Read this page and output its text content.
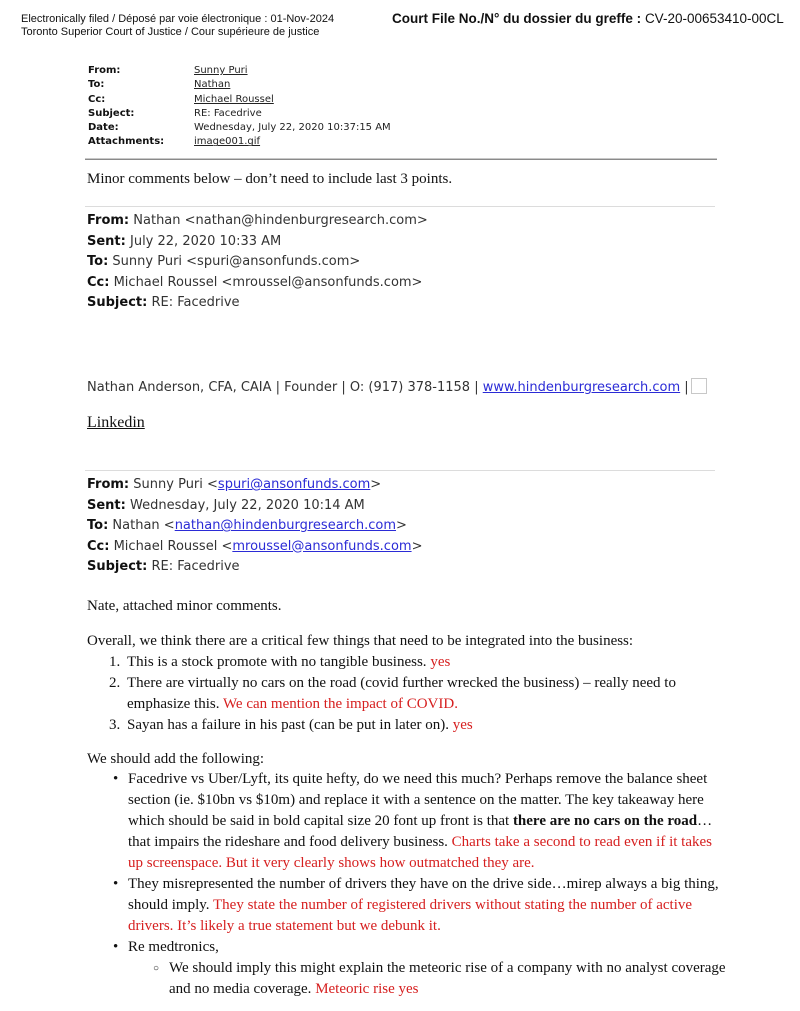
Electronically filed / Déposé par voie électronique : 01-Nov-2024
Toronto Superior Court of Justice / Cour supérieure de justice
Court File No./N° du dossier du greffe : CV-20-00653410-00CL
From:	Sunny Puri
To:	Nathan
Cc:	Michael Roussel
Subject:	RE: Facedrive
Date:	Wednesday, July 22, 2020 10:37:15 AM
Attachments:	image001.gif
Minor comments below – don’t need to include last 3 points.
From: Nathan <nathan@hindenburgresearch.com>
Sent: July 22, 2020 10:33 AM
To: Sunny Puri <spuri@ansonfunds.com>
Cc: Michael Roussel <mroussel@ansonfunds.com>
Subject: RE: Facedrive
Nathan Anderson, CFA, CAIA | Founder | O: (917) 378-1158 | www.hindenburgresearch.com |
Linkedin
From: Sunny Puri <spuri@ansonfunds.com>
Sent: Wednesday, July 22, 2020 10:14 AM
To: Nathan <nathan@hindenburgresearch.com>
Cc: Michael Roussel <mroussel@ansonfunds.com>
Subject: RE: Facedrive
Nate, attached minor comments.
Overall, we think there are a critical few things that need to be integrated into the business:
1. This is a stock promote with no tangible business. yes
2. There are virtually no cars on the road (covid further wrecked the business) – really need to emphasize this. We can mention the impact of COVID.
3. Sayan has a failure in his past (can be put in later on). yes
We should add the following:
• Facedrive vs Uber/Lyft, its quite hefty, do we need this much? Perhaps remove the balance sheet section (ie. $10bn vs $10m) and replace it with a sentence on the matter. The key takeaway here which should be said in bold capital size 20 font up front is that there are no cars on the road…that impairs the rideshare and food delivery business. Charts take a second to read even if it takes up screenspace. But it very clearly shows how outmatched they are.
• They misrepresented the number of drivers they have on the drive side…mirep always a big thing, should imply. They state the number of registered drivers without stating the number of active drivers. It’s likely a true statement but we debunk it.
• Re medtronics,
○ We should imply this might explain the meteoric rise of a company with no analyst coverage and no media coverage. Meteoric rise yes
